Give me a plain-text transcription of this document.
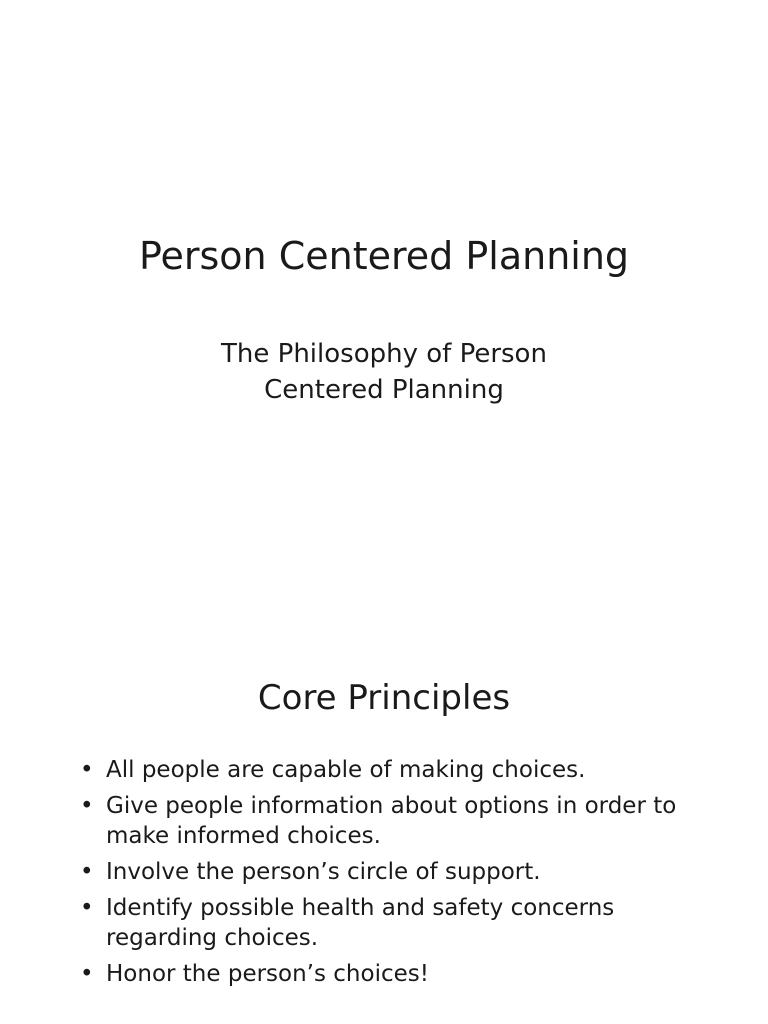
Person Centered Planning
The Philosophy of Person
Centered Planning
Core Principles
• All people are capable of making choices.
• Give people information about options in order to make informed choices.
• Involve the person’s circle of support.
• Identify possible health and safety concerns regarding choices.
• Honor the person’s choices!
